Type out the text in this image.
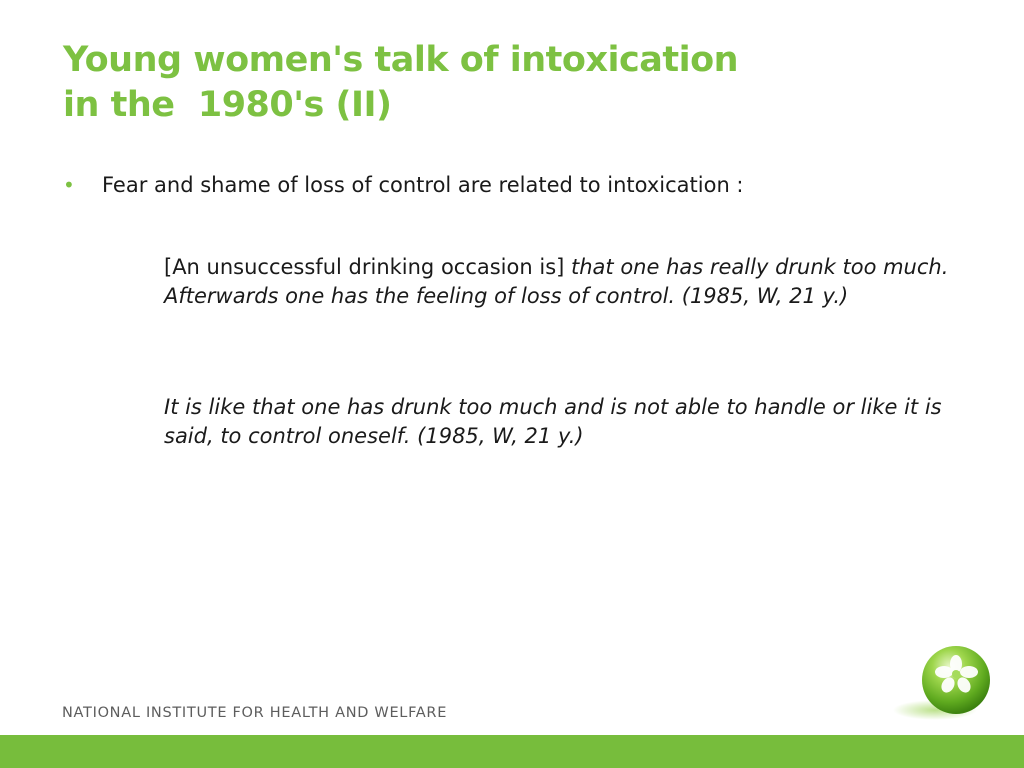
Young women's talk of intoxication
in the  1980's (II)
• Fear and shame of loss of control are related to intoxication :

[An unsuccessful drinking occasion is] that one has really drunk too much. Afterwards one has the feeling of loss of control. (1985, W, 21 y.)

It is like that one has drunk too much and is not able to handle or like it is said, to control oneself. (1985, W, 21 y.)

NATIONAL INSTITUTE FOR HEALTH AND WELFARE
